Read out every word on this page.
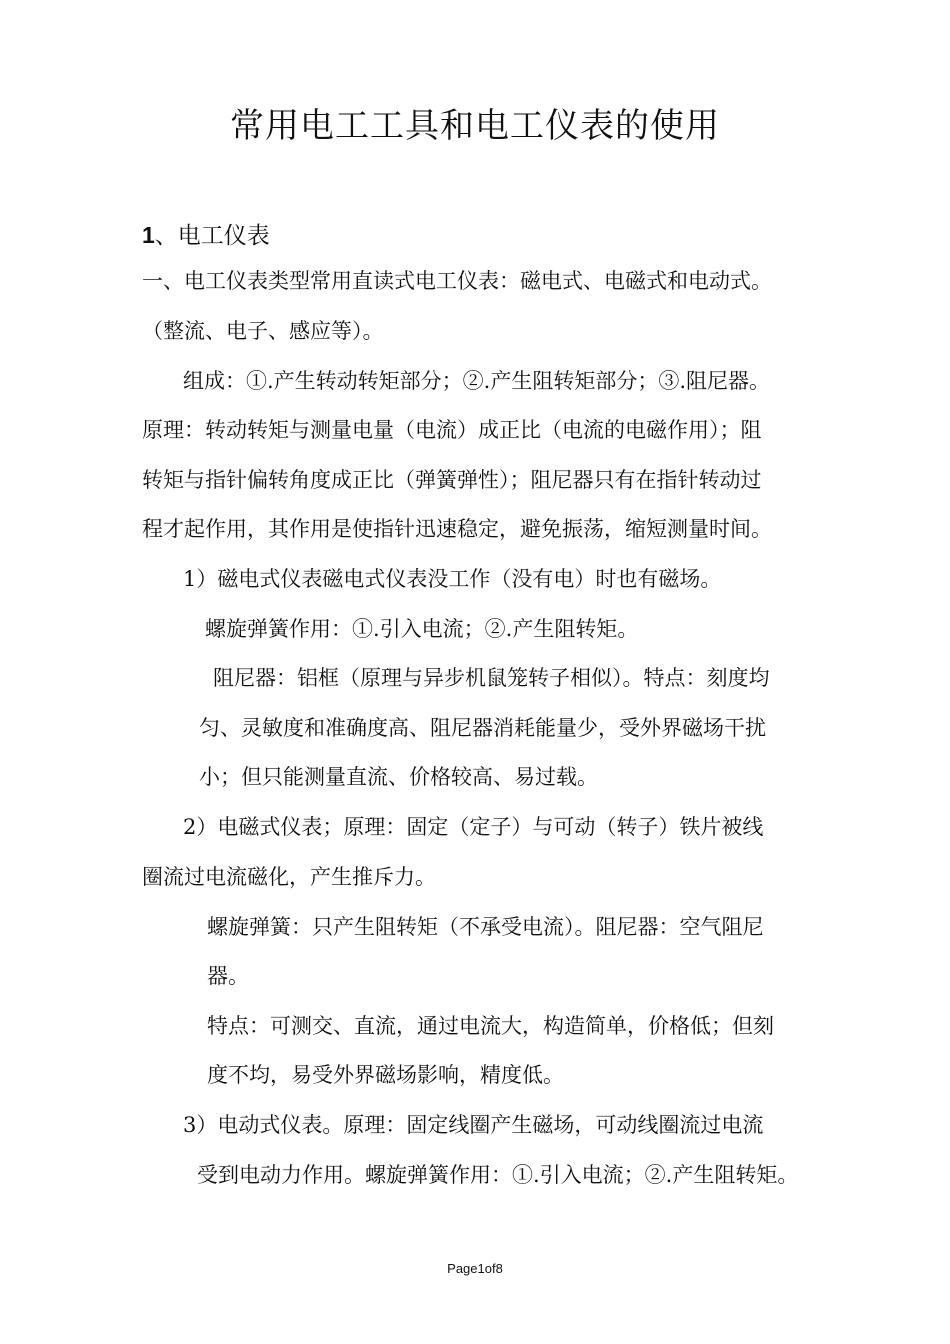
常用电工工具和电工仪表的使用
1、电工仪表
一、电工仪表类型常用直读式电工仪表：磁电式、电磁式和电动式。
（整流、电子、感应等）。
组成：①.产生转动转矩部分；②.产生阻转矩部分；③.阻尼器。
原理：转动转矩与测量电量（电流）成正比（电流的电磁作用）；阻
转矩与指针偏转角度成正比（弹簧弹性）；阻尼器只有在指针转动过
程才起作用，其作用是使指针迅速稳定，避免振荡，缩短测量时间。
1）磁电式仪表磁电式仪表没工作（没有电）时也有磁场。
螺旋弹簧作用：①.引入电流；②.产生阻转矩。
阻尼器：铝框（原理与异步机鼠笼转子相似）。特点：刻度均
匀、灵敏度和准确度高、阻尼器消耗能量少，受外界磁场干扰
小；但只能测量直流、价格较高、易过载。
2）电磁式仪表；原理：固定（定子）与可动（转子）铁片被线
圈流过电流磁化，产生推斥力。
螺旋弹簧：只产生阻转矩（不承受电流）。阻尼器：空气阻尼
器。
特点：可测交、直流，通过电流大，构造简单，价格低；但刻
度不均，易受外界磁场影响，精度低。
3）电动式仪表。原理：固定线圈产生磁场，可动线圈流过电流
受到电动力作用。螺旋弹簧作用：①.引入电流；②.产生阻转矩。
Page1of8
